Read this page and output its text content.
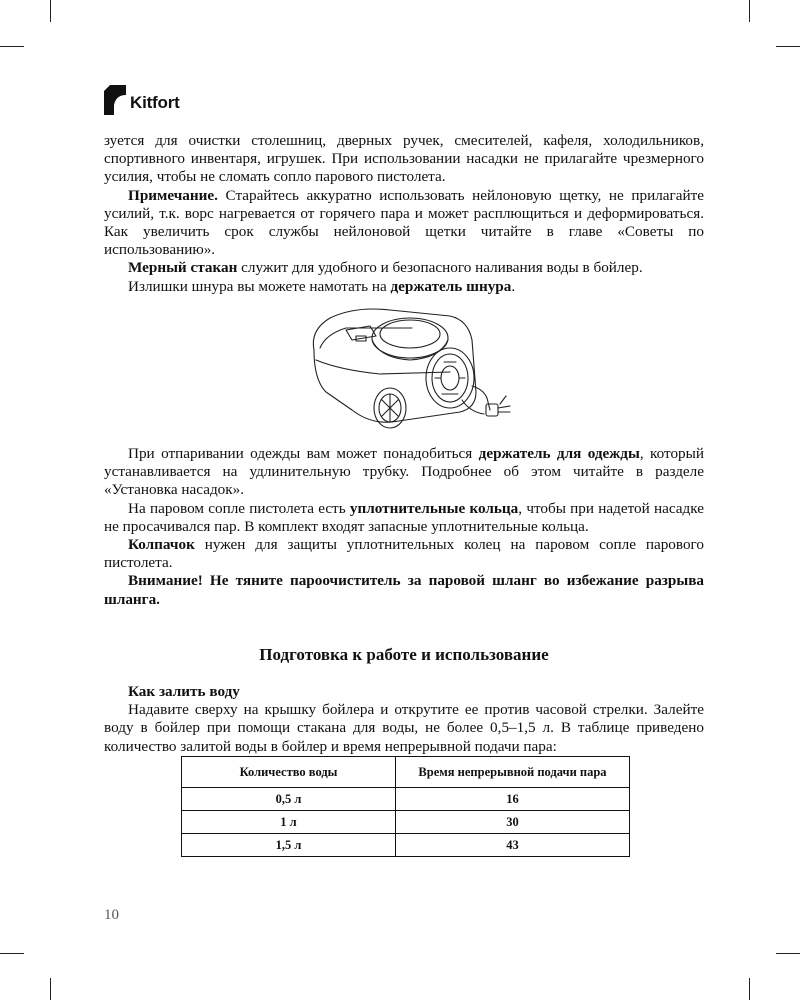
Kitfort

зуется для очистки столешниц, дверных ручек, смесителей, кафеля, холодильников, спортивного инвентаря, игрушек. При использовании насадки не прилагайте чрезмерного усилия, чтобы не сломать сопло парового пистолета.

Примечание. Старайтесь аккуратно использовать нейлоновую щетку, не прилагайте усилий, т.к. ворс нагревается от горячего пара и может расплющиться и деформироваться. Как увеличить срок службы нейлоновой щетки читайте в главе «Советы по использованию».

Мерный стакан служит для удобного и безопасного наливания воды в бойлер.

Излишки шнура вы можете намотать на держатель шнура.

При отпаривании одежды вам может понадобиться держатель для одежды, который устанавливается на удлинительную трубку. Подробнее об этом читайте в разделе «Установка насадок».

На паровом сопле пистолета есть уплотнительные кольца, чтобы при надетой насадке не просачивался пар. В комплект входят запасные уплотнительные кольца.

Колпачок нужен для защиты уплотнительных колец на паровом сопле парового пистолета.

Внимание! Не тяните пароочиститель за паровой шланг во избежание разрыва шланга.

Подготовка к работе и использование

Как залить воду

Надавите сверху на крышку бойлера и открутите ее против часовой стрелки. Залейте воду в бойлер при помощи стакана для воды, не более 0,5–1,5 л. В таблице приведено количество залитой воды в бойлер и время непрерывной подачи пара:

Количество воды	Время непрерывной подачи пара
0,5 л	16
1 л	30
1,5 л	43
10
